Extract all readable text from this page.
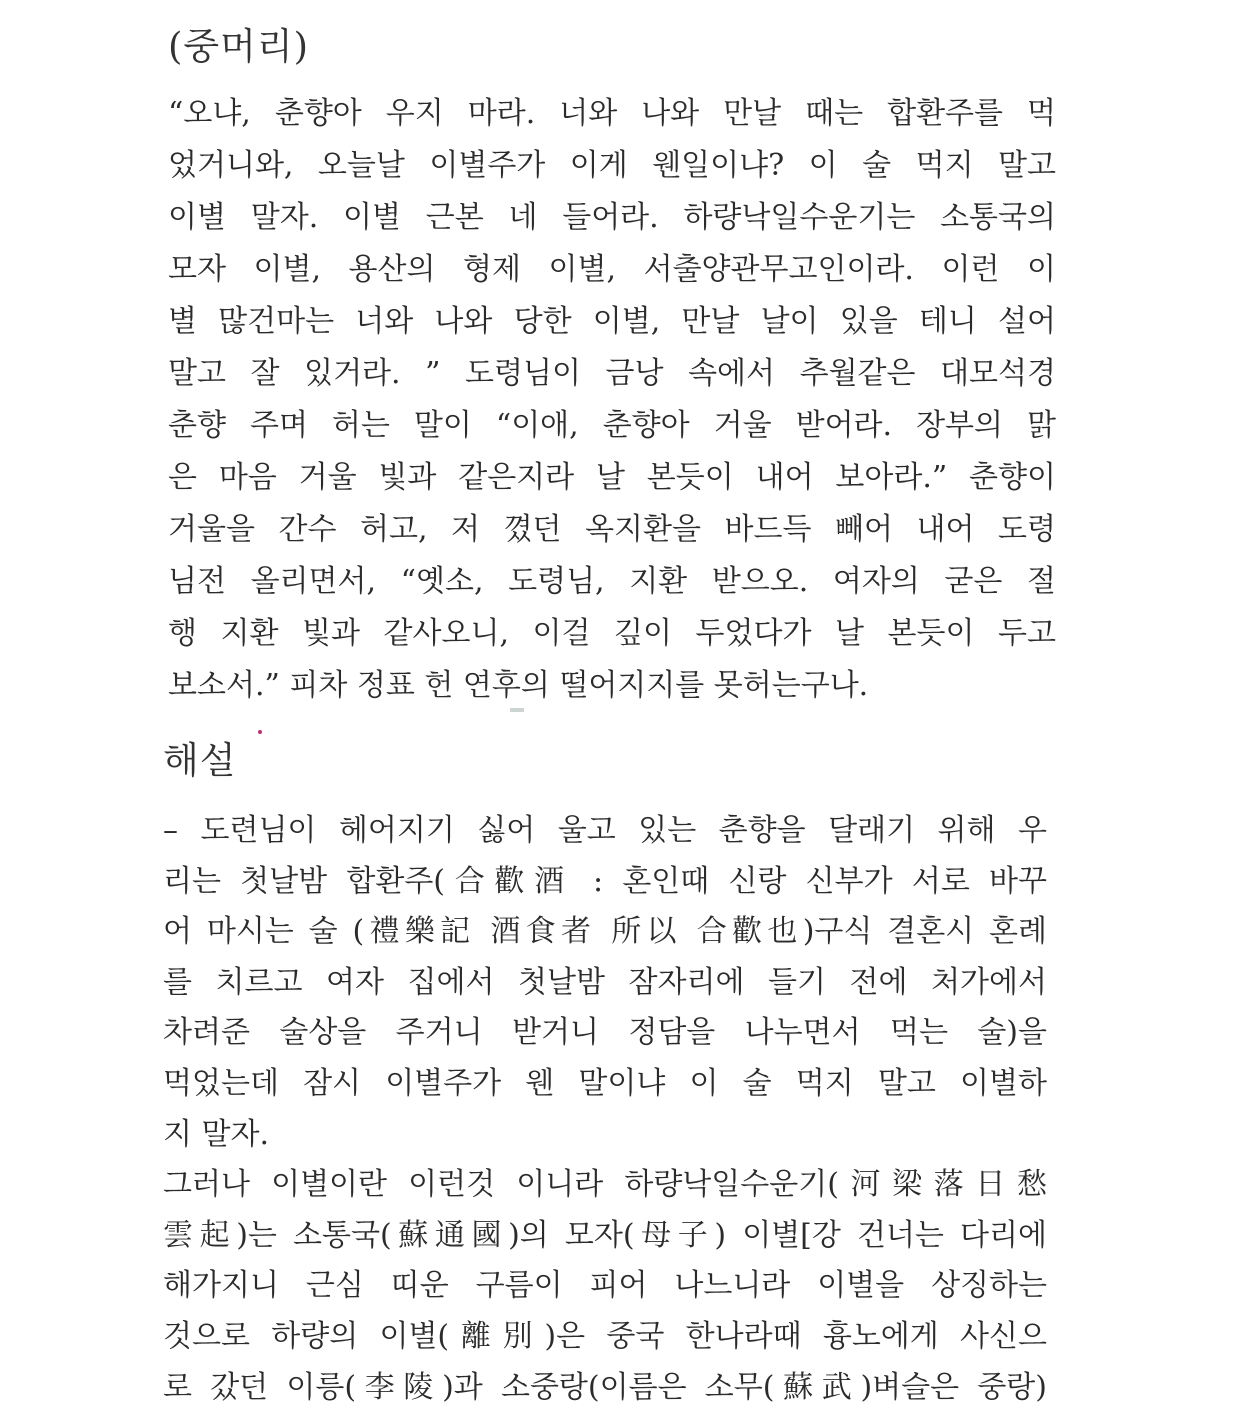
(중머리)
“오냐, 춘향아 우지 마라. 너와 나와 만날 때는 합환주를 먹
었거니와, 오늘날 이별주가 이게 웬일이냐? 이 술 먹지 말고
이별 말자. 이별 근본 네 들어라. 하량낙일수운기는 소통국의
모자 이별, 용산의 형제 이별, 서출양관무고인이라. 이런 이
별 많건마는 너와 나와 당한 이별, 만날 날이 있을 테니 설어
말고 잘 있거라. ” 도령님이 금낭 속에서 추월같은 대모석경
춘향 주며 허는 말이 “이애, 춘향아 거울 받어라. 장부의 맑
은 마음 거울 빛과 같은지라 날 본듯이 내어 보아라.” 춘향이
거울을 간수 허고, 저 꼈던 옥지환을 바드득 빼어 내어 도령
님전 올리면서, “옛소, 도령님, 지환 받으오. 여자의 굳은 절
행 지환 빛과 같사오니, 이걸 깊이 두었다가 날 본듯이 두고
보소서.” 피차 정표 헌 연후의 떨어지지를 못허는구나.
해설
– 도련님이 헤어지기 싫어 울고 있는 춘향을 달래기 위해 우
리는 첫날밤 합환주(合歡酒 : 혼인때 신랑 신부가 서로 바꾸
어 마시는 술 (禮樂記 酒食者 所以 合歡也)구식 결혼시 혼례
를 치르고 여자 집에서 첫날밤 잠자리에 들기 전에 처가에서
차려준 술상을 주거니 받거니 정담을 나누면서 먹는 술)을
먹었는데 잠시 이별주가 웬 말이냐 이 술 먹지 말고 이별하
지 말자.
그러나 이별이란 이런것 이니라 하량낙일수운기(河梁落日愁
雲起)는 소통국(蘇通國)의 모자(母子) 이별[강 건너는 다리에
해가지니 근심 띠운 구름이 피어 나느니라 이별을 상징하는
것으로 하량의 이별(離別)은 중국 한나라때 흉노에게 사신으
로 갔던 이릉(李陵)과 소중랑(이름은 소무(蘇武)벼슬은 중랑)
